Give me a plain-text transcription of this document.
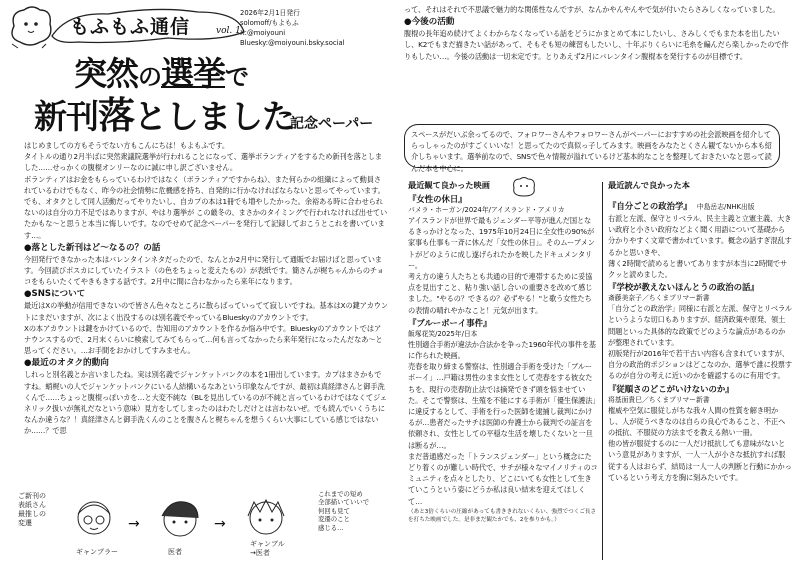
もふもふ通信	vol. 1
2026年2月1日発行
solomoff/もよもふ
X:@moiyouni
Bluesky:@moiyouni.bsky.social
突然の選挙で
新刊落としました
記念ペーパー

はじめましての方もそうでない方もこんにちは！もよもふです。
タイトルの通り2月半ばに突然衆議院選挙が行われることになって、選挙ボランティアをするため新刊を落としました……せっかくの腹棍オンリーなのに誠に申し訳ございません。
ボランティアはお金をもらっているわけではなく（ボランティアですからね）、また何らかの組織によって動員されているわけでもなく、昨今の社会情勢に危機感を持ち、自発的に行かなければならないと思ってやっています。でも、オタクとして同人活動だってやりたいし、自カプの本は1冊でも増やしたかった。余裕ある時に合わせられないのは自分の力不足ではありますが、やはり選挙が この厳冬の、まさかのタイミングで行われなければ出せていたかもな～と思うと本当に悔しいです。なのでせめて記念ペーパーを発行して記録しておこうとこれを書いています…。

●落とした新刊はど～なるの？の話

今回発行できなかった本はバレンタインネタだったので、なんとか2月中に発行して通販でお届けばと思っています。今回読びポスカにしていたイラスト（の色をちょっと変えたもの）が表紙です。簡さんが梶ちゃんからのチョコをもらいたくてやきもきする話です。2月中に間に合わなかったら来年になります。

●SNSについて

最近はXの挙動が信用できないので皆さん色々なところに散らばっていってて寂しいですね。基本はXの鍵アカウントにまだいますが、次によく出没するのは別名義でやっているBlueskyのアカウントです。
Xの本アカウントは鍵をかけているので、告知用のアカウントを作るか悩み中です。Blueskyのアカウントではアナウンスするので、2月末くらいに検索してみてもらって…何も言ってなかったら来年発行になったんだなあ～と思ってください。…お手間をおかけしてすみません。

●最近のオタク的動向

しれっと別名義とか言いましたね。実は別名義でジャンケットバンクの本を1冊出しています。カプはまさかもですね。蛸梶いの人でジャンケットバンクにいる人結構いるなあという印象なんですが、最初は真経津さんと御手洗くんで……ちょっと腹棍っぽいカを…と大変不純な（BLを見出しているのが不純と言っているわけではなくてジェネリック扱いが無礼だなという意味）見方をしてしまったのはわたしだけとは言わないぜ。でも続んでいくうちになんか違うな？！真経津さんと御手洗くんのことを腹さんと梶ちゃんを想うくらい大事にしている感じではないか……？で思

ご新刊の
表紙さん
最推しの
変遷
ギャンブラー
→
医者
→
ギャンブル
→医者
これまでの短め
全部描いていいで
何回も見て
変遷のこと
感じる…

って、それはそれで不思議で魅力的な関係性なんですが、なんかやんやんやで気が付いたらさみしくなっていました。

●今後の活動

腹棍の長年追め続けてよくわからなくなっている話をどうにかまとめて本にしたいし、さみしくでもまた本を出したいし、K2でもまだ描きたい話があって、そもそも短の練習もしたいし、十年ぶりくらいに毛糸を編んだら楽しかったので作りもしたい…。今後の活動は一切未定です。とりあえず2月にバレンタイン腹棍本を発行するのが目標です。

スペースがだいぶ余ってるので、フォロワーさんやフォロワーさんがペーパーにおすすめの社会派映画を紹介してらっしゃったのがすごくいいな！と思ってたので真似っ子してみます。映画をみなたとくさん観てないから本も紹介しちゃいます。選挙前なので、SNSで色々情報が溢れているけど基本的なことを整理しておきたいなと思って読んだ本を中心に。

最近観て良かった映画
『女性の休日』
パメラ・ホーガン/2024年/アイスランド・アメリカ

アイスランドが世界で最もジェンダー平等が進んだ国となるきっかけとなった、1975年10月24日に全女性の90%が家事も仕事も一斉に休んだ「女性の休日」。そのムーブメントがどのように成し遂げられたかを映したドキュメンタリー。
考え方の違う人たちとも共通の目的で連帯するために妥協点を見出すこと、粘り強い話し合いの重要さを改めて感じました。"やるの？できるの？必ずやる！"と歌う女性たちの表情の晴れやかなこと！元気が出ます。

『ブルーボーイ事件』
飯塚花笑/2025年/日本

性別適合手術が違法か合法かを争った1960年代の事件を基に作られた映画。
売春を取り締まる警察は、性別適合手術を受けた「ブルーボーイ」…戸籍は男性のまま女性として売春をする彼女たちを、現行の売春防止法では摘発できず頭を悩ませていた。そこで警察は、生殖を不能にする手術が「優生保護法」に違反するとして、手術を行った医師を逮捕し裁判にかけるが…患者だったサチは医師の弁護士から裁判での証言を依頼され、女性としての平穏な生活を壊したくないと一旦は断るが…。
まだ普通感だった「トランスジェンダー」という概念にたどり着くのが難しい時代で、サチが様々なマイノリティのコミュニティを点々としたり、どこにいても女性として生きていこうという姿にどうか私は良い結末を迎えてほしくて…

（あと3倍くらいの圧縮があっても書ききれないくらい、強烈でつくご長さを打ちた映画でした。是非まだ観たかでも、2を参りかも。）

最近読んで良かった本
『自分ごとの政治学』 中島岳志/NHK出版

右派と左派、保守とリベラル、民主主義と立憲主義、大きい政府と小さい政府などよく聞く用語について基礎から分かりやすく文章で書かれています。概念の話すぎ混乱するかと思いきや、
薄く2時間で読めると書いてありますが本当に2時間でサクッと読めました。

『学校が教えないほんとうの政治の話』
斎藤美奈子／ちくまプリマー新書

「自分ごとの政治学」同様に右派と左派、保守とリベラルというような切口もありますが、経済政策や原発、領土問題といった具体的な政策でどのような論点があるのかが整理されています。
初版発行が2016年で若干古い内容も含まれていますが、自分の政治的ポジションはどこなのか、選挙で誰に投票するのが自分の考えに近いのかを確認するのに有用です。

『従順さのどこがいけないのか』
将基面貴巳／ちくまプリマー新書

権威や空気に服従しがちな我々人間の性質を解き明かし、人が従うべきなのは自らの良心であること、不正への抵抗、不服従の方法までを教える熱い一冊。
他の皆が服従するのに一人だけ抵抗しても意味がないという意見がありますが、一人一人が小さな抵抗すれば服従する人はおらず、結局は一人一人の判断と行動にかかっているという考え方を胸に刻みたいです。
